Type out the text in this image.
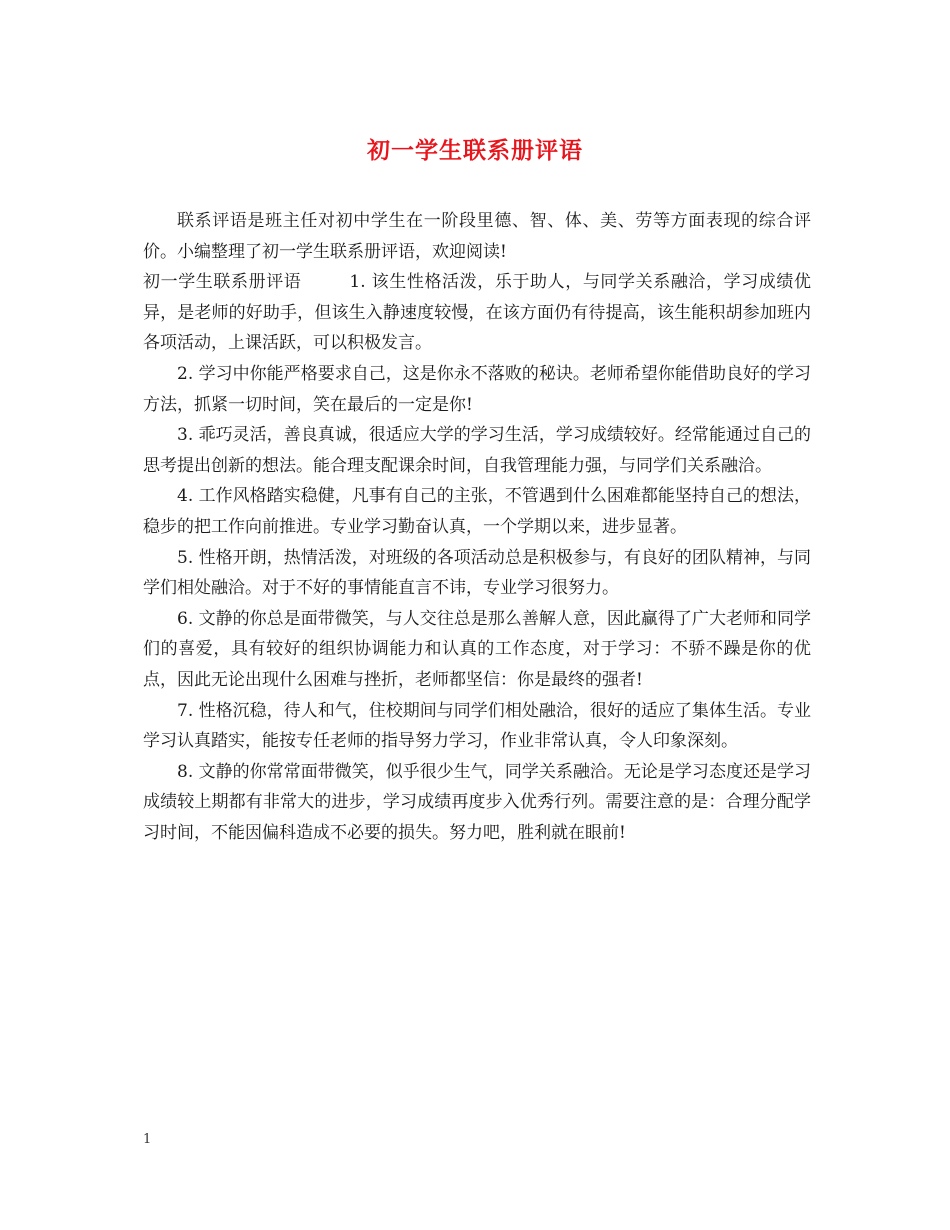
初一学生联系册评语

联系评语是班主任对初中学生在一阶段里德、智、体、美、劳等方面表现的综合评价。小编整理了初一学生联系册评语，欢迎阅读!

初一学生联系册评语	1. 该生性格活泼，乐于助人，与同学关系融洽，学习成绩优异，是老师的好助手，但该生入静速度较慢，在该方面仍有待提高，该生能积胡参加班内各项活动，上课活跃，可以积极发言。

2. 学习中你能严格要求自己，这是你永不落败的秘诀。老师希望你能借助良好的学习方法，抓紧一切时间，笑在最后的一定是你!

3. 乖巧灵活，善良真诚，很适应大学的学习生活，学习成绩较好。经常能通过自己的思考提出创新的想法。能合理支配课余时间，自我管理能力强，与同学们关系融洽。

4. 工作风格踏实稳健，凡事有自己的主张，不管遇到什么困难都能坚持自己的想法，稳步的把工作向前推进。专业学习勤奋认真，一个学期以来，进步显著。

5. 性格开朗，热情活泼，对班级的各项活动总是积极参与，有良好的团队精神，与同学们相处融洽。对于不好的事情能直言不讳，专业学习很努力。

6. 文静的你总是面带微笑，与人交往总是那么善解人意，因此赢得了广大老师和同学们的喜爱，具有较好的组织协调能力和认真的工作态度，对于学习：不骄不躁是你的优点，因此无论出现什么困难与挫折，老师都坚信：你是最终的强者!

7. 性格沉稳，待人和气，住校期间与同学们相处融洽，很好的适应了集体生活。专业学习认真踏实，能按专任老师的指导努力学习，作业非常认真，令人印象深刻。

8. 文静的你常常面带微笑，似乎很少生气，同学关系融洽。无论是学习态度还是学习成绩较上期都有非常大的进步，学习成绩再度步入优秀行列。需要注意的是：合理分配学习时间，不能因偏科造成不必要的损失。努力吧，胜利就在眼前!

1
